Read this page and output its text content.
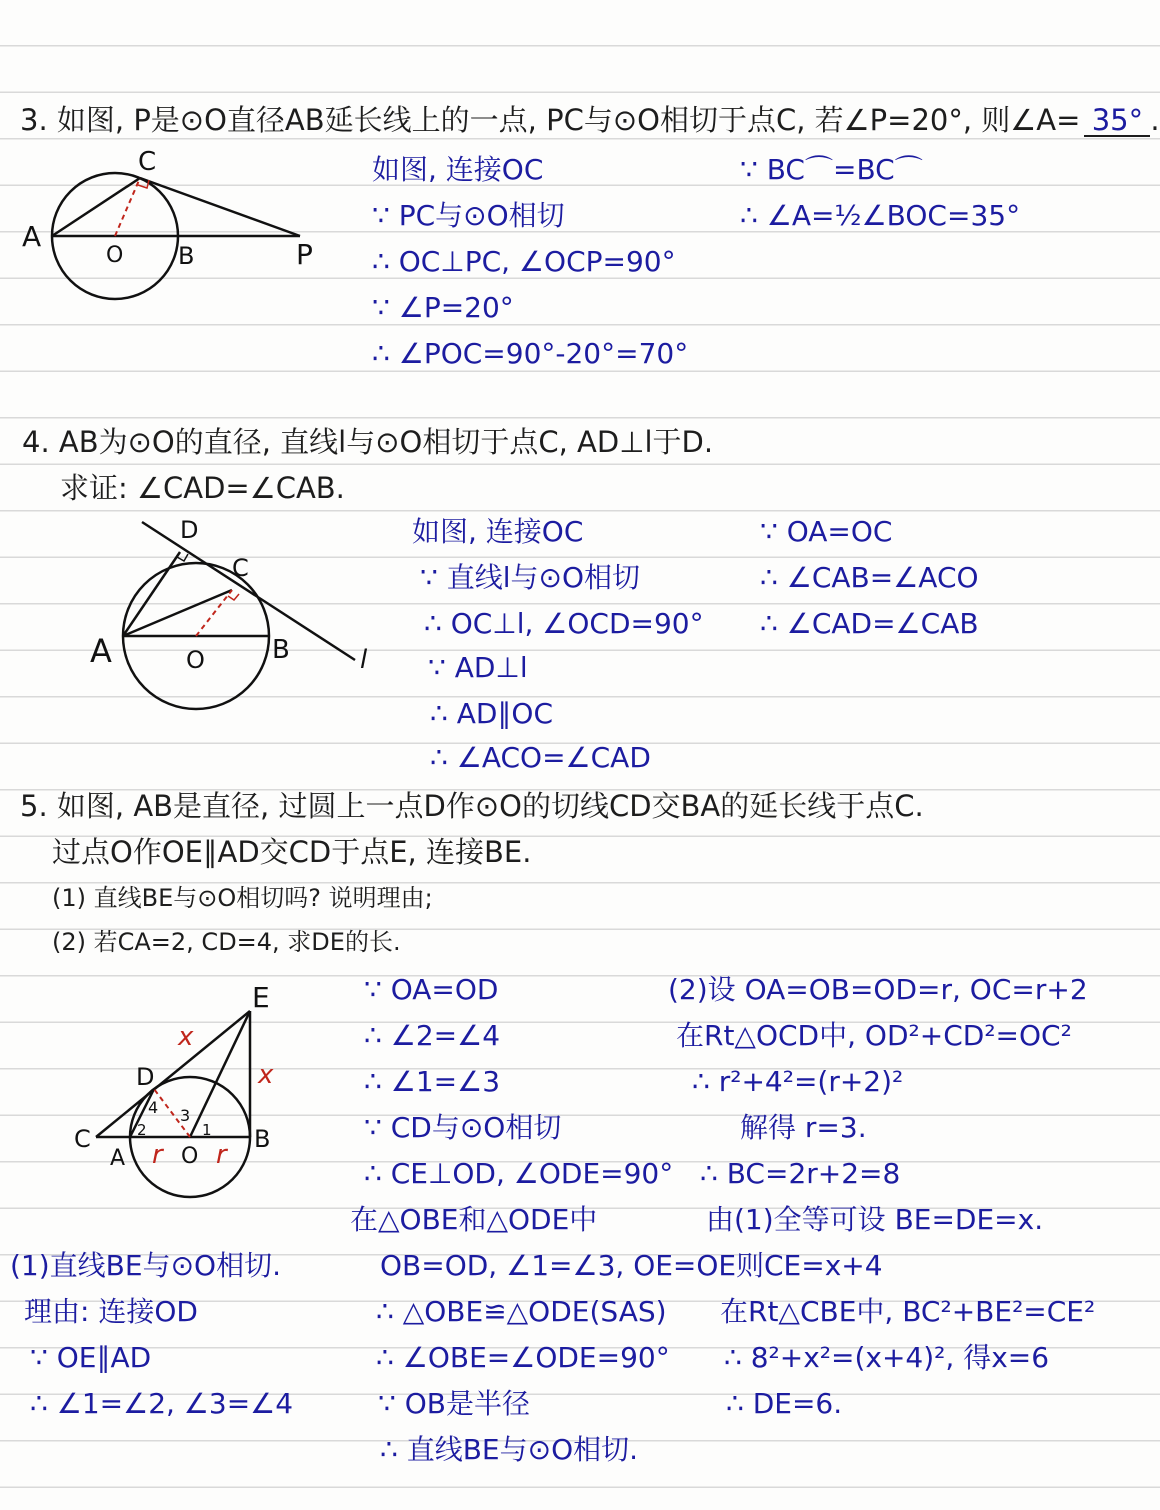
3. 如图, P是⊙O直径AB延长线上的一点, PC与⊙O相切于点C, 若∠P=20°, 则∠A= 35° .
C
A
O B	P
如图, 连接OC
∵ PC与⊙O相切
∴ OC⊥PC, ∠OCP=90°
∵ ∠P=20°
∴ ∠POC=90°-20°=70°
∵ BC⌒=BC⌒
∴ ∠A=½∠BOC=35°
4. AB为⊙O的直径, 直线l与⊙O相切于点C, AD⊥l于D.
求证: ∠CAD=∠CAB.
D
C
A	O	B	l
如图, 连接OC
∵ 直线l与⊙O相切
∴ OC⊥l, ∠OCD=90°
∵ AD⊥l
∴ AD∥OC
∴ ∠ACO=∠CAD
∵ OA=OC
∴ ∠CAB=∠ACO
∴ ∠CAD=∠CAB
5. 如图, AB是直径, 过圆上一点D作⊙O的切线CD交BA的延长线于点C.
过点O作OE∥AD交CD于点E, 连接BE.
(1) 直线BE与⊙O相切吗? 说明理由;
(2) 若CA=2, CD=4, 求DE的长.
E
x
x
D
4 3
C	2	1
A r O r
B
∵ OA=OD
∴ ∠2=∠4
∴ ∠1=∠3
∵ CD与⊙O相切
∴ CE⊥OD, ∠ODE=90°
在△OBE和△ODE中
OB=OD, ∠1=∠3, OE=OE
∴ △OBE≌△ODE(SAS)
∴ ∠OBE=∠ODE=90°
∵ OB是半径
∴ 直线BE与⊙O相切.
(2)设 OA=OB=OD=r, OC=r+2
在Rt△OCD中, OD²+CD²=OC²
∴ r²+4²=(r+2)²
解得 r=3.
∴ BC=2r+2=8
由(1)全等可设 BE=DE=x.
则CE=x+4
在Rt△CBE中, BC²+BE²=CE²
∴ 8²+x²=(x+4)², 得x=6
∴ DE=6.
(1)直线BE与⊙O相切.
理由: 连接OD
∵ OE∥AD
∴ ∠1=∠2, ∠3=∠4
